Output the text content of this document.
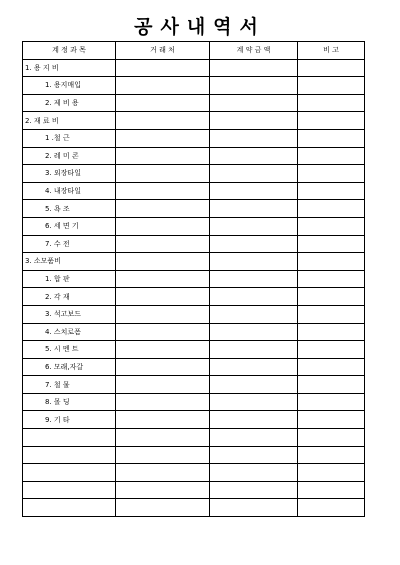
공사내역서
계 정 과 목	거 래 처	계 약 금 액	비 고
1. 용 지 비			
1. 용지매입			
2. 제 비 용			
2. 재 료 비			
1 .철 근			
2. 레 미 콘			
3. 외장타일			
4. 내장타일			
5. 욕 조			
6. 세 면 기			
7. 수 전			
3. 소모품비			
1. 합 판			
2. 각 재			
3. 석고보드			
4. 스치로폼			
5. 시 멘 트			
6. 모래,자갈			
7. 철 물			
8. 몰 딩			
9. 기 타			
